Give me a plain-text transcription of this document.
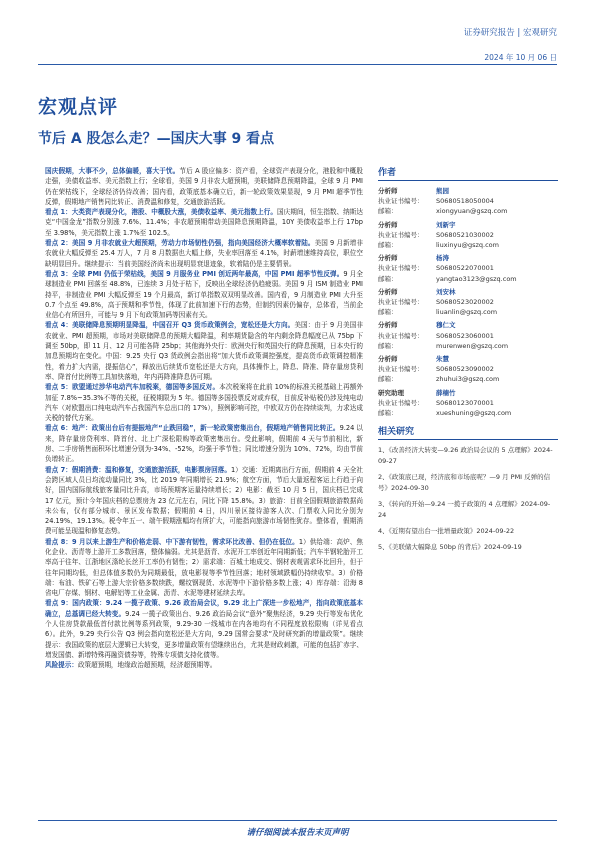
证券研究报告 | 宏观研究
2024 年 10 月 06 日
宏观点评
节后 A 股怎么走？—国庆大事 9 看点

国庆假期，大事不少，总体偏暖，喜大于忧。节后 A 股应偏多：资产看，全球资产表现分化，港股和中概股走强，美债收益率、美元指数上行；全球看，美国 9 月非农大超预期，美联储降息预期降温，全球 9 月 PMI 仍在荣枯线下，全球经济仍待改善；国内看，政策底基本确立后，新一轮政策效果显现，9 月 PMI 超季节性反弹，假期地产销售同比转正、消费温和修复，交通旅游活跃。

看点 1：大类资产表现分化，港股、中概股大涨，美债收益率、美元指数上行。国庆期间，恒生指数、纳斯达克“中国金龙”指数分别涨 7.6%、11.4%；非农超预期带动美国降息预期降温，10Y 美债收益率上行 17bp 至 3.98%，美元指数上涨 1.7%至 102.5。

看点 2：美国 9 月非农就业大超预期，劳动力市场韧性仍强，指向美国经济大概率软着陆。美国 9 月新增非农就业大幅反弹至 25.4 万人，7 月 8 月数据也大幅上修，失业率回落至 4.1%，时薪增速维持高位，职位空缺明显回升。继续提示：当前美国经济尚未出现明显衰退迹象，软着陆仍是主要情景。

看点 3：全球 PMI 仍低于荣枯线，美国 9 月服务业 PMI 创近两年最高，中国 PMI 超季节性反弹。9 月全球制造业 PMI 回落至 48.8%，已连续 3 月处于枯下，反映出全球经济仍趋疲弱。美国 9 月 ISM 制造业 PMI 持平，非制造业 PMI 大幅反弹至 19 个月最高，新订单指数双双明显改善。国内看，9 月制造业 PMI 大升至 0.7 个点至 49.8%，高于预期和季节性，体现了此前加速下行的态势，但制约因素仍偏存，总体看，当前企业信心有所回升，可能与 9 月下旬政策加码等因素有关。

看点 4：美联储降息预期明显降温，中国召开 Q3 货币政策例会，宽松还是大方向。美国：由于 9 月美国非农就业、PMI 超预期，市场对美联储降息的预期大幅降温，利率期货隐含的年内剩余降息幅度已从 75bp 下调至 50bp，即 11 月、12 月可能各降 25bp；其他海外央行：欧洲央行和英国央行的降息预期，日本央行的加息预期均在变化。中国：9.25 央行 Q3 货政例会指出将“加大货币政策调控强度，提高货币政策调控精准性，着力扩大内需，提振信心”，释放出后续货币宽松还是大方向，具体操作上，降息、降准、降存量房贷利率、降首付比例等工具加快落地，年内再降准降息仍可期。

看点 5：欧盟通过涉华电动汽车加税案，德国等多国反对。本次税案将在此前 10%的标准关税基础上再额外加征 7.8%~35.3%不等的关税，征税期限为 5 年。德国等多国投票反对或弃权，目前反补贴税仍涉及纯电动汽车（对欧盟出口纯电动汽车占我国汽车总出口的 17%），照例影响可控，中欧双方仍在持续谈判，力求达成关税的替代方案。

看点 6：地产：政策出台后有提振地产“止跌回稳”，新一轮政策密集出台，假期地产销售同比转正。9.24 以来，降存量房贷利率、降首付、北上广深松限购等政策密集出台。受此影响，假期前 4 天与节前相比，新房、二手房销售面积环比增速分别为-34%、-52%，均强于季节性；同比增速分别为 10%、72%，均由节前负增转正。

看点 7：假期消费：温和修复，交通旅游活跃，电影票房回落。1）交通：近期离出行方面，假期前 4 天全社会跨区域人员日均流动量同比 3%，比 2019 年同期增长 21.9%；航空方面，节后大量返程客运上行趋于向好，国内国际航线旅客量同比升高，市场预期客运量持续增长；2）电影：截至 10 月 5 日，国庆档已完成 17 亿元，预计今年国庆档的总票房为 23 亿元左右，同比下降 15.8%。3）旅游：目前全国假期旅游数据尚未公布，仅有部分城市、景区发布数据；假期前 4 日，四川景区接待游客人次、门票收入同比分别为 24.19%、19.13%。税令年五一、端午假期涨幅均有所扩大，可能指向旅游市场韧性犹存。整体看，假期消费可能呈现温和修复态势。

看点 8：9 月以来上游生产和价格走弱、中下游有韧性，需求环比改善、但仍在低位。1）供给端：高炉、焦化企业、沥青等上游开工多数回落，整体偏弱。尤其是沥青、水泥开工率创近年同期新低；汽车半钢轮胎开工率高于往年、江浙地区涤纶长丝开工率仍有韧性；2）需求端：百城土地成交、钢材表观需求环比回升，但于往年同期均低，但总体值多数仍为同期最低，放电影视等季节性回落；地材领域跌幅仍持续收窄。3）价格端：布油、铁矿石等上游大宗价格多数续跌，螺纹钢现货、水泥等中下游价格多数上涨；4）库存端：沿海 8 省电厂存煤、钢材、电解铝等工业金属、沥青、水泥等建材延续去库。

看点 9：国内政策：9.24 一揽子政策、9.26 政治局会议，9.29 北上广深进一步松地产，指向政策底基本确立，总基调已经大转变。9.24 一揽子政策出台、9.26 政治局会议“意外”聚焦经济，9.29 央行等发布优化个人住房贷款最低首付款比例等系列政策，9.29-30 一线城市在内各地均有不同程度放松限购（详见看点 6）。此外，9.29 央行公告 Q3 例会指向宽松还是大方向，9.29 国常会要求“及时研究新的增量政策”。继续提示：我国政策的底层大逻辑已大转变，更多增量政策有望继续出台，尤其是财政刺激，可能的包括扩赤字、增发国债、新增特殊再融资债券等，特殊专项债支持化债等。

风险提示：政策超预期，地缘政治超预期，经济超预期等。

作者
分析师	熊园
执业证书编号：	S0680518050004
邮箱：	xiongyuan@gszq.com
分析师	刘新宇
执业证书编号：	S0680521030002
邮箱：	liuxinyu@gszq.com
分析师	杨涛
执业证书编号：	S0680522070001
邮箱：	yangtao3123@gszq.com
分析师	刘安林
执业证书编号：	S0680523020002
邮箱：	liuanlin@gszq.com
分析师	穆仁文
执业证书编号：	S0680523060001
邮箱：	murenwen@gszq.com
分析师	朱慧
执业证书编号：	S0680523090002
邮箱：	zhuhui3@gszq.com
研究助理	薛楠竹
执业证书编号：	S0680123070001
邮箱：	xueshuning@gszq.com
相关研究
1、《改善经济大转变—9.26 政治局会议的 5 点理解》2024-09-27
2、《政策底已现，经济底和市场底呢？—9 月 PMI 反弹的信号》2024-09-30
3、《转向的开始—9.24 一揽子政策的 4 点理解》2024-09-24
4、《近期有望出台一批增量政策》2024-09-22
5、《美联储大幅降息 50bp 的背后》2024-09-19
请仔细阅读本报告末页声明
